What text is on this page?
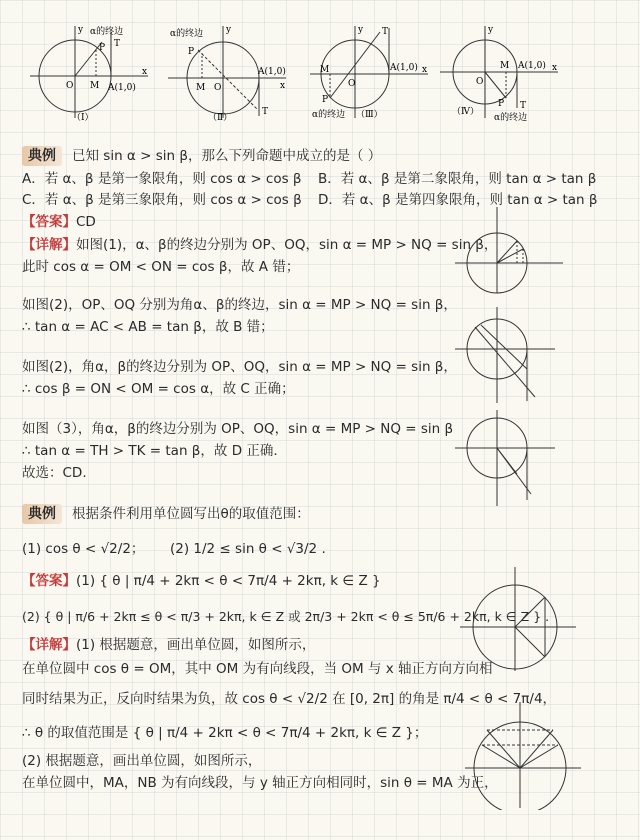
y α的终边
T
P
O M A(1,0)
x
（Ⅰ）
y
α的终边
P
M O
A(1,0)
T
x
（Ⅱ）
y T
A(1,0)
M
O
P
x
α的终边 （Ⅲ）
y
O
M A(1,0)
P T
x
（Ⅳ）
α的终边
典例	已知 sin α > sin β，那么下列命题中成立的是（ ）
A．若 α、β 是第一象限角，则 cos α > cos β B．若 α、β 是第二象限角，则 tan α > tan β
C．若 α、β 是第三象限角，则 cos α > cos β D．若 α、β 是第四象限角，则 tan α > tan β
【答案】CD
【详解】如图(1)，α、β的终边分别为 OP、OQ，sin α = MP > NQ = sin β，
此时 cos α = OM < ON = cos β，故 A 错；
如图(2)，OP、OQ 分别为角α、β的终边，sin α = MP > NQ = sin β，
∴ tan α = AC < AB = tan β，故 B 错；
如图(2)，角α，β的终边分别为 OP、OQ，sin α = MP > NQ = sin β，
∴ cos β = ON < OM = cos α，故 C 正确；
如图（3），角α，β的终边分别为 OP、OQ，sin α = MP > NQ = sin β
∴ tan α = TH > TK = tan β，故 D 正确.
故选：CD.
典例	根据条件利用单位圆写出θ的取值范围：
(1) cos θ < √2/2； (2) 1/2 ≤ sin θ < √3/2 .
【答案】(1) { θ | π/4 + 2kπ < θ < 7π/4 + 2kπ, k ∈ Z }
(2) { θ | π/6 + 2kπ ≤ θ < π/3 + 2kπ, k ∈ Z 或 2π/3 + 2kπ < θ ≤ 5π/6 + 2kπ, k ∈ Z } .
【详解】(1) 根据题意，画出单位圆，如图所示，
在单位圆中 cos θ = OM，其中 OM 为有向线段，当 OM 与 x 轴正方向方向相
同时结果为正，反向时结果为负，故 cos θ < √2/2 在 [0, 2π] 的角是 π/4 < θ < 7π/4，
∴ θ 的取值范围是 { θ | π/4 + 2kπ < θ < 7π/4 + 2kπ, k ∈ Z }；
(2) 根据题意，画出单位圆，如图所示，
在单位圆中，MA，NB 为有向线段，与 y 轴正方向相同时，sin θ = MA 为正，
